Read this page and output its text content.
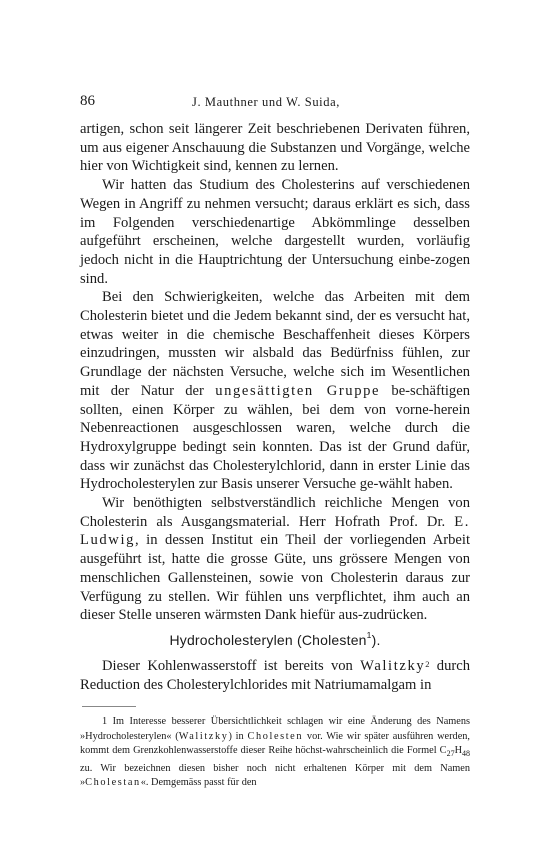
86	J. Mauthner und W. Suida,

artigen, schon seit längerer Zeit beschriebenen Derivaten führen, um aus eigener Anschauung die Substanzen und Vorgänge, welche hier von Wichtigkeit sind, kennen zu lernen.

Wir hatten das Studium des Cholesterins auf verschiedenen Wegen in Angriff zu nehmen versucht; daraus erklärt es sich, dass im Folgenden verschiedenartige Abkömmlinge desselben aufgeführt erscheinen, welche dargestellt wurden, vorläufig jedoch nicht in die Hauptrichtung der Untersuchung einbe-zogen sind.

Bei den Schwierigkeiten, welche das Arbeiten mit dem Cholesterin bietet und die Jedem bekannt sind, der es versucht hat, etwas weiter in die chemische Beschaffenheit dieses Körpers einzudringen, mussten wir alsbald das Bedürfniss fühlen, zur Grundlage der nächsten Versuche, welche sich im Wesentlichen mit der Natur der ungesättigten Gruppe be-schäftigen sollten, einen Körper zu wählen, bei dem von vorne-herein Nebenreactionen ausgeschlossen waren, welche durch die Hydroxylgruppe bedingt sein konnten. Das ist der Grund dafür, dass wir zunächst das Cholesterylchlorid, dann in erster Linie das Hydrocholesterylen zur Basis unserer Versuche ge-wählt haben.

Wir benöthigten selbstverständlich reichliche Mengen von Cholesterin als Ausgangsmaterial. Herr Hofrath Prof. Dr. E. Ludwig, in dessen Institut ein Theil der vorliegenden Arbeit ausgeführt ist, hatte die grosse Güte, uns grössere Mengen von menschlichen Gallensteinen, sowie von Cholesterin daraus zur Verfügung zu stellen. Wir fühlen uns verpflichtet, ihm auch an dieser Stelle unseren wärmsten Dank hiefür aus-zudrücken.

Hydrocholesterylen (Cholesten$^1$).

Dieser Kohlenwasserstoff ist bereits von Walitzky$^2$ durch Reduction des Cholesterylchlorides mit Natriumamalgam in

1 Im Interesse besserer Übersichtlichkeit schlagen wir eine Änderung des Namens »Hydrocholesterylen« (Walitzky) in Cholesten vor. Wie wir später ausführen werden, kommt dem Grenzkohlenwasserstoffe dieser Reihe höchst-wahrscheinlich die Formel $C_{27}H_{48}$ zu. Wir bezeichnen diesen bisher noch nicht erhaltenen Körper mit dem Namen »Cholestan«. Demgemäss passt für den
